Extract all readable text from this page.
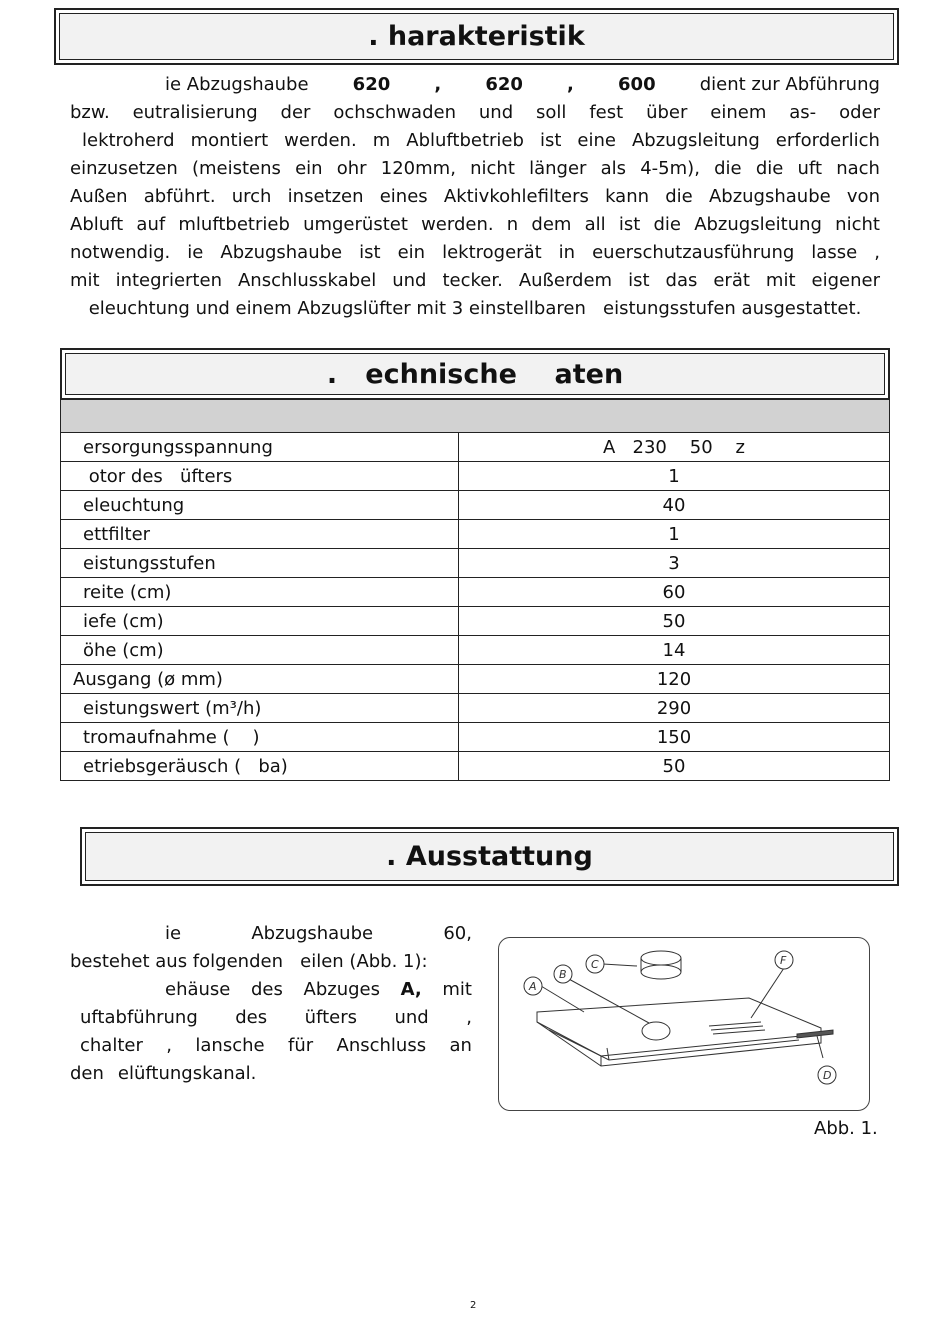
. harakteristik
ie Abzugshaube 620 , 620 , 600 dient zur Abführung
bzw. eutralisierung der ochschwaden und soll fest über einem as- oder
lektroherd montiert werden. m Abluftbetrieb ist eine Abzugsleitung erforderlich
einzusetzen (meistens ein ohr 120mm, nicht länger als 4-5m), die die uft nach
Außen abführt. urch insetzen eines Aktivkohlefilters kann die Abzugshaube von
Abluft auf mluftbetrieb umgerüstet werden. n dem all ist die Abzugsleitung nicht
notwendig. ie Abzugshaube ist ein lektrogerät in euerschutzausführung lasse ,
mit integrierten Anschlusskabel und tecker. Außerdem ist das erät mit eigener
eleuchtung und einem Abzugslüfter mit 3 einstellbaren   eistungsstufen ausgestattet.
.   echnische    aten

ersorgungsspannung	A   230    50    z
otor des   üfters	1
eleuchtung	40
ettfilter	1
eistungsstufen	3
reite (cm)	60
iefe (cm)	50
öhe (cm)	14
Ausgang (ø mm)	120
eistungswert (m³/h)	290
tromaufnahme (    )	150
etriebsgeräusch (   ba)	50
. Ausstattung
ie	Abzugshaube	60,
bestehet aus folgenden   eilen (Abb. 1):
ehäuse des Abzuges A, mit
uftabführung des üfters und ,
chalter , lansche für Anschluss an
den elüftungskanal.
A
B
C
D
F
Abb. 1.
2
